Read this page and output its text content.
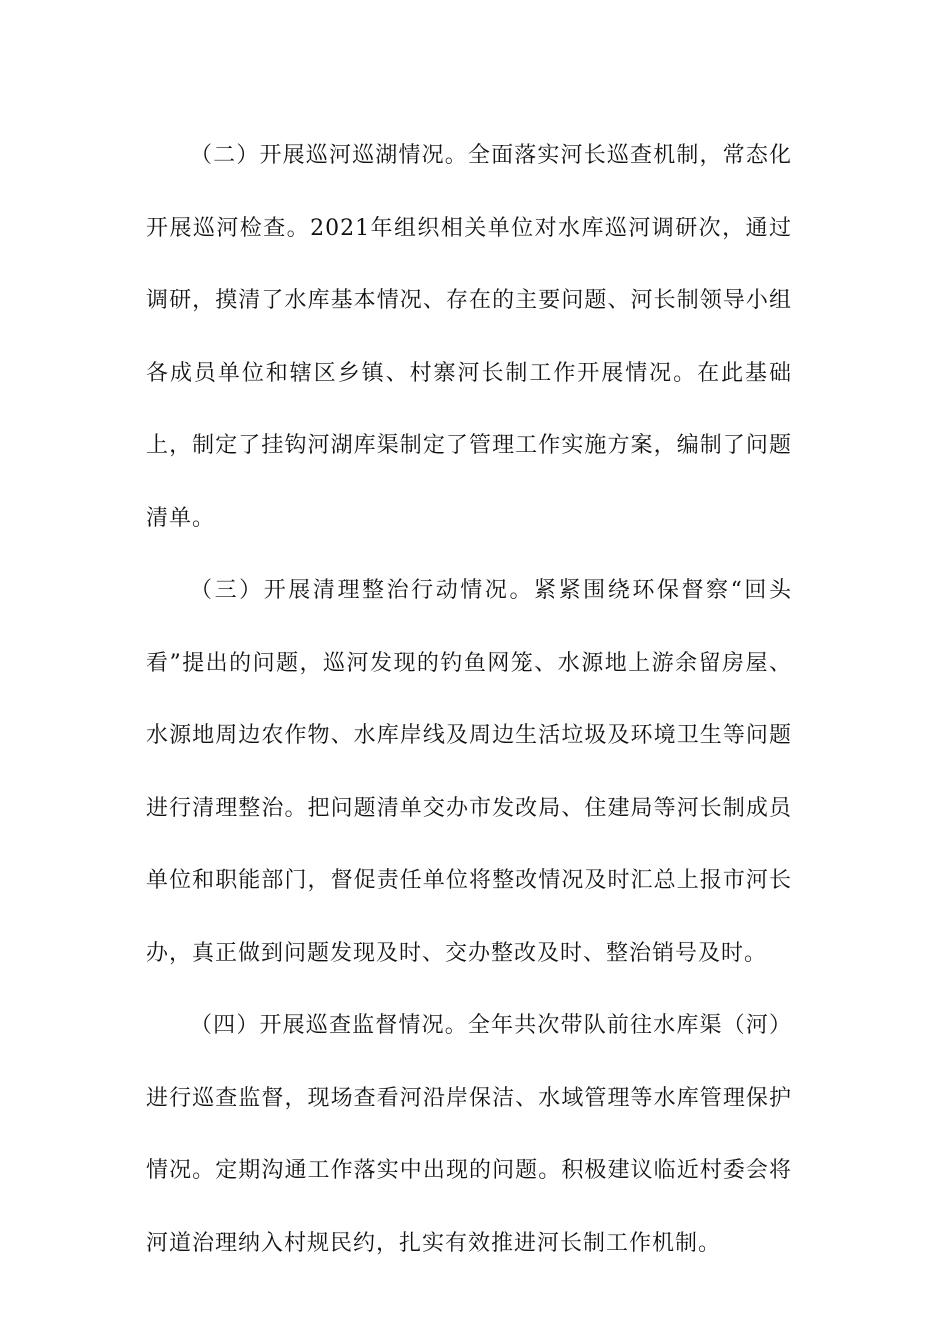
（二）开展巡河巡湖情况。全面落实河长巡查机制，常态化开展巡河检查。2021年组织相关单位对水库巡河调研次，通过调研，摸清了水库基本情况、存在的主要问题、河长制领导小组各成员单位和辖区乡镇、村寨河长制工作开展情况。在此基础上，制定了挂钩河湖库渠制定了管理工作实施方案，编制了问题清单。

（三）开展清理整治行动情况。紧紧围绕环保督察“回头看”提出的问题，巡河发现的钓鱼网笼、水源地上游余留房屋、水源地周边农作物、水库岸线及周边生活垃圾及环境卫生等问题进行清理整治。把问题清单交办市发改局、住建局等河长制成员单位和职能部门，督促责任单位将整改情况及时汇总上报市河长办，真正做到问题发现及时、交办整改及时、整治销号及时。

（四）开展巡查监督情况。全年共次带队前往水库渠（河）进行巡查监督，现场查看河沿岸保洁、水域管理等水库管理保护情况。定期沟通工作落实中出现的问题。积极建议临近村委会将河道治理纳入村规民约，扎实有效推进河长制工作机制。
